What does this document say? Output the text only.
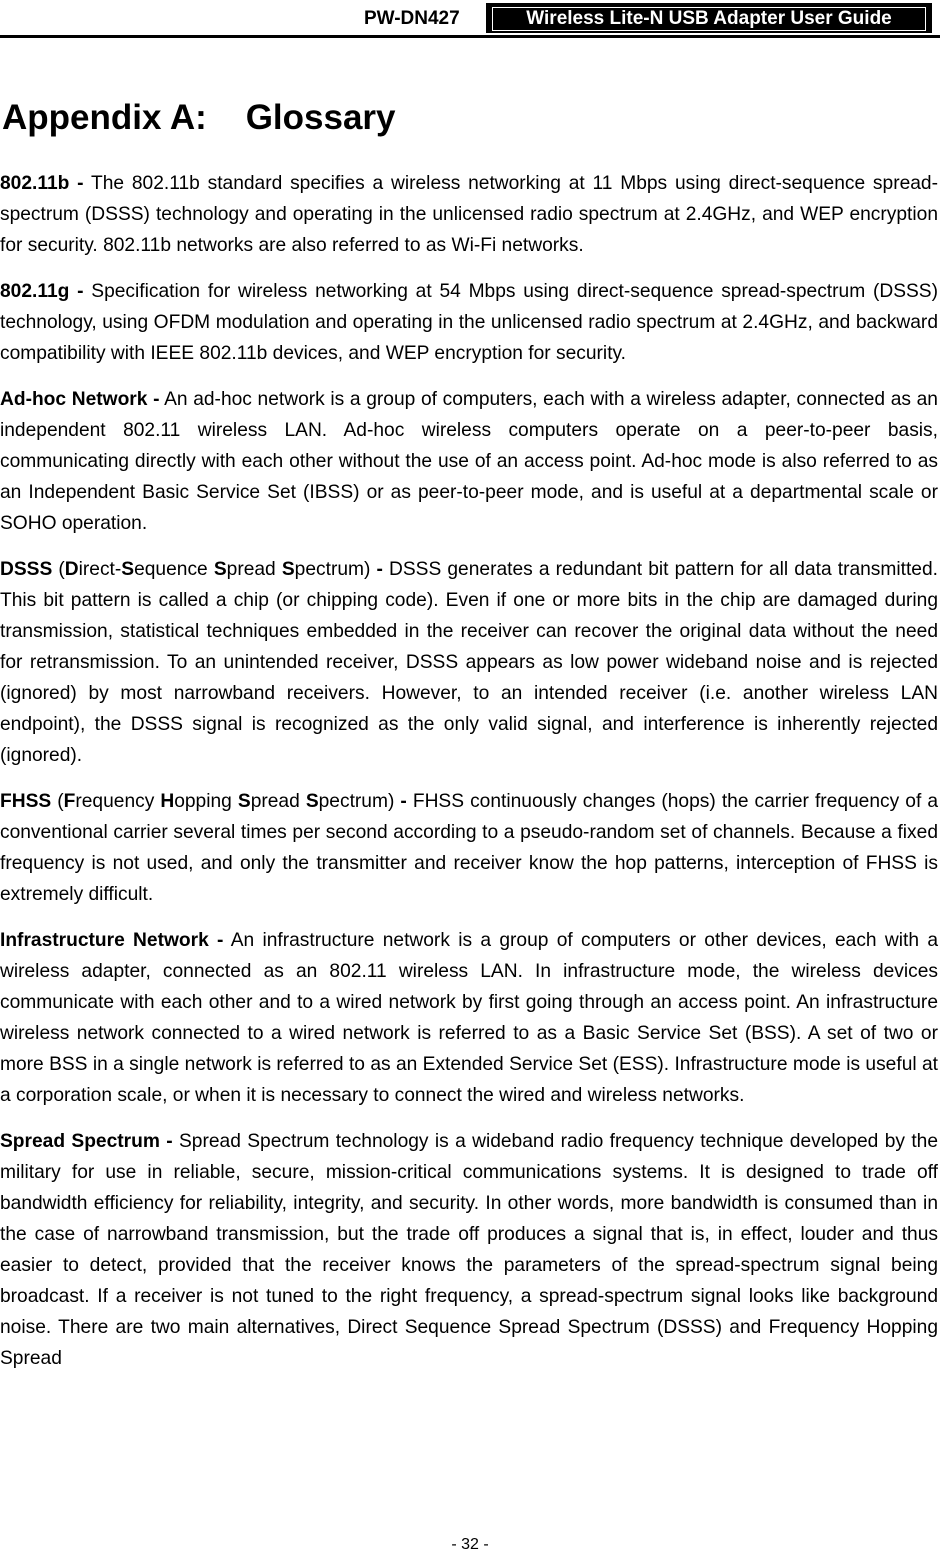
PW-DN427	Wireless Lite-N USB Adapter User Guide
Appendix A:    Glossary

802.11b - The 802.11b standard specifies a wireless networking at 11 Mbps using direct-sequence spread-spectrum (DSSS) technology and operating in the unlicensed radio spectrum at 2.4GHz, and WEP encryption for security. 802.11b networks are also referred to as Wi-Fi networks.

802.11g - Specification for wireless networking at 54 Mbps using direct-sequence spread-spectrum (DSSS) technology, using OFDM modulation and operating in the unlicensed radio spectrum at 2.4GHz, and backward compatibility with IEEE 802.11b devices, and WEP encryption for security.

Ad-hoc Network - An ad-hoc network is a group of computers, each with a wireless adapter, connected as an independent 802.11 wireless LAN. Ad-hoc wireless computers operate on a peer-to-peer basis, communicating directly with each other without the use of an access point. Ad-hoc mode is also referred to as an Independent Basic Service Set (IBSS) or as peer-to-peer mode, and is useful at a departmental scale or SOHO operation.

DSSS (Direct-Sequence Spread Spectrum) - DSSS generates a redundant bit pattern for all data transmitted. This bit pattern is called a chip (or chipping code). Even if one or more bits in the chip are damaged during transmission, statistical techniques embedded in the receiver can recover the original data without the need for retransmission. To an unintended receiver, DSSS appears as low power wideband noise and is rejected (ignored) by most narrowband receivers. However, to an intended receiver (i.e. another wireless LAN endpoint), the DSSS signal is recognized as the only valid signal, and interference is inherently rejected (ignored).

FHSS (Frequency Hopping Spread Spectrum) - FHSS continuously changes (hops) the carrier frequency of a conventional carrier several times per second according to a pseudo-random set of channels. Because a fixed frequency is not used, and only the transmitter and receiver know the hop patterns, interception of FHSS is extremely difficult.

Infrastructure Network - An infrastructure network is a group of computers or other devices, each with a wireless adapter, connected as an 802.11 wireless LAN. In infrastructure mode, the wireless devices communicate with each other and to a wired network by first going through an access point. An infrastructure wireless network connected to a wired network is referred to as a Basic Service Set (BSS). A set of two or more BSS in a single network is referred to as an Extended Service Set (ESS). Infrastructure mode is useful at a corporation scale, or when it is necessary to connect the wired and wireless networks.

Spread Spectrum - Spread Spectrum technology is a wideband radio frequency technique developed by the military for use in reliable, secure, mission-critical communications systems. It is designed to trade off bandwidth efficiency for reliability, integrity, and security. In other words, more bandwidth is consumed than in the case of narrowband transmission, but the trade off produces a signal that is, in effect, louder and thus easier to detect, provided that the receiver knows the parameters of the spread-spectrum signal being broadcast. If a receiver is not tuned to the right frequency, a spread-spectrum signal looks like background noise. There are two main alternatives, Direct Sequence Spread Spectrum (DSSS) and Frequency Hopping Spread

- 32 -
